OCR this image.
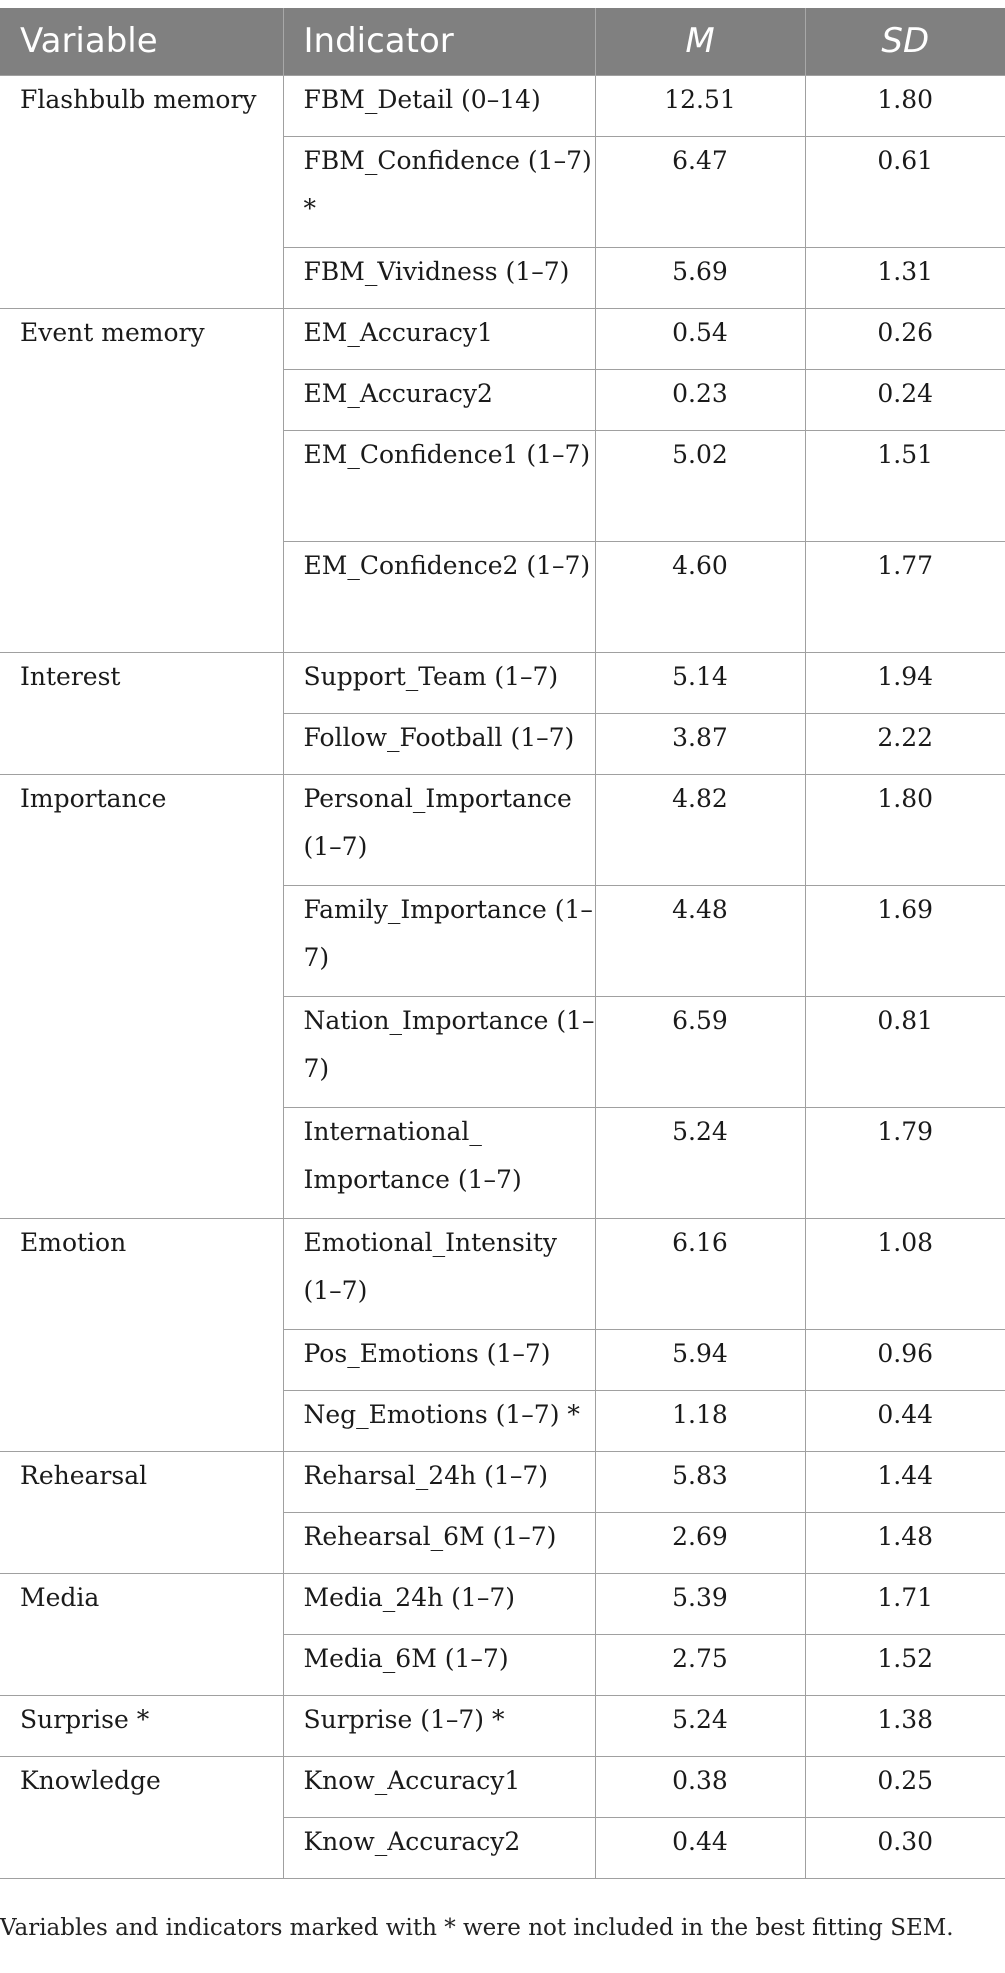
Variable	Indicator	M	SD
Flashbulb memory	FBM_Detail (0–14)	12.51	1.80
	FBM_Confidence (1–7) *	6.47	0.61
	FBM_Vividness (1–7)	5.69	1.31
Event memory	EM_Accuracy1	0.54	0.26
	EM_Accuracy2	0.23	0.24
	EM_Confidence1 (1–7)	5.02	1.51
	EM_Confidence2 (1–7)	4.60	1.77
Interest	Support_Team (1–7)	5.14	1.94
	Follow_Football (1–7)	3.87	2.22
Importance	Personal_Importance (1–7)	4.82	1.80
	Family_Importance (1–7)	4.48	1.69
	Nation_Importance (1–7)	6.59	0.81
	International_ Importance (1–7)	5.24	1.79
Emotion	Emotional_Intensity (1–7)	6.16	1.08
	Pos_Emotions (1–7)	5.94	0.96
	Neg_Emotions (1–7) *	1.18	0.44
Rehearsal	Reharsal_24h (1–7)	5.83	1.44
	Rehearsal_6M (1–7)	2.69	1.48
Media	Media_24h (1–7)	5.39	1.71
	Media_6M (1–7)	2.75	1.52
Surprise *	Surprise (1–7) *	5.24	1.38
Knowledge	Know_Accuracy1	0.38	0.25
	Know_Accuracy2	0.44	0.30
Variables and indicators marked with * were not included in the best fitting SEM.
